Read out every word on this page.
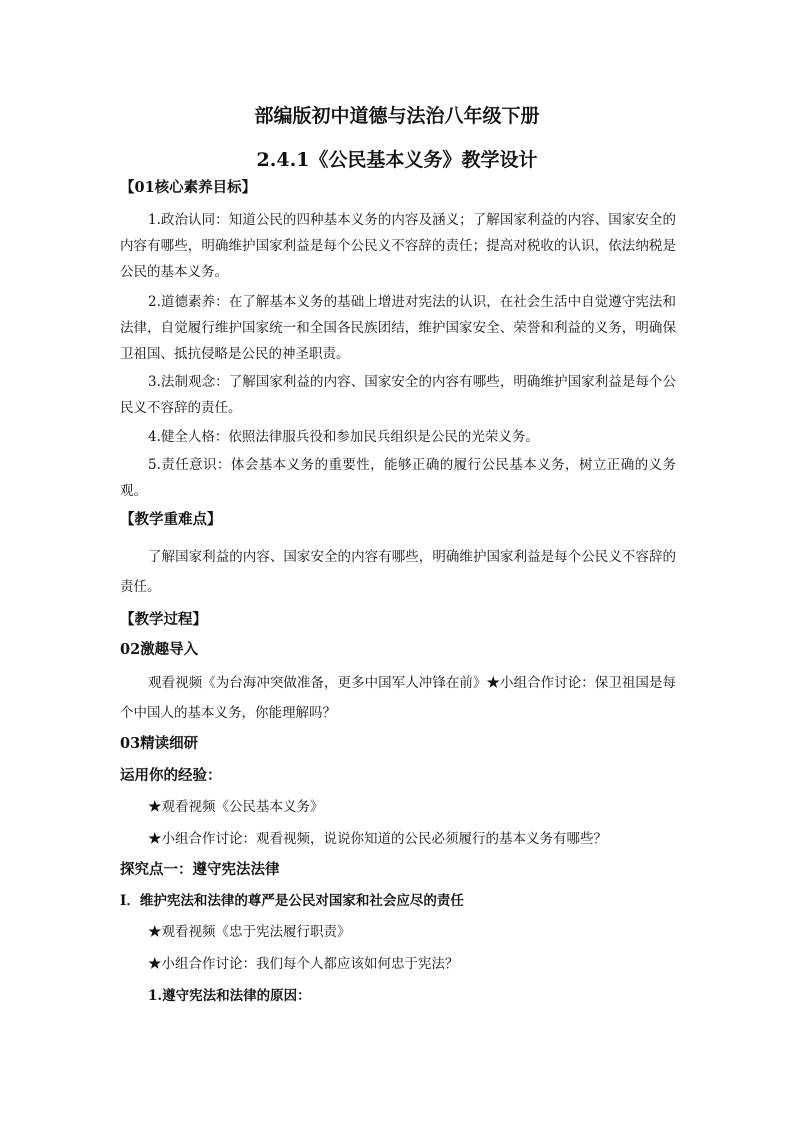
部编版初中道德与法治八年级下册
2.4.1《公民基本义务》教学设计
【01核心素养目标】
1.政治认同：知道公民的四种基本义务的内容及涵义；了解国家利益的内容、国家安全的内容有哪些，明确维护国家利益是每个公民义不容辞的责任；提高对税收的认识，依法纳税是公民的基本义务。
2.道德素养：在了解基本义务的基础上增进对宪法的认识，在社会生活中自觉遵守宪法和法律，自觉履行维护国家统一和全国各民族团结，维护国家安全、荣誉和利益的义务，明确保卫祖国、抵抗侵略是公民的神圣职责。
3.法制观念：了解国家利益的内容、国家安全的内容有哪些，明确维护国家利益是每个公民义不容辞的责任。
4.健全人格：依照法律服兵役和参加民兵组织是公民的光荣义务。
5.责任意识：体会基本义务的重要性，能够正确的履行公民基本义务，树立正确的义务观。
【教学重难点】
了解国家利益的内容、国家安全的内容有哪些，明确维护国家利益是每个公民义不容辞的责任。
【教学过程】
02激趣导入
观看视频《为台海冲突做准备，更多中国军人冲锋在前》★小组合作讨论：保卫祖国是每个中国人的基本义务，你能理解吗？
03精读细研
运用你的经验：
★观看视频《公民基本义务》
★小组合作讨论：观看视频，说说你知道的公民必须履行的基本义务有哪些？
探究点一：遵守宪法法律
Ⅰ．维护宪法和法律的尊严是公民对国家和社会应尽的责任
★观看视频《忠于宪法履行职责》
★小组合作讨论：我们每个人都应该如何忠于宪法？
1.遵守宪法和法律的原因：
